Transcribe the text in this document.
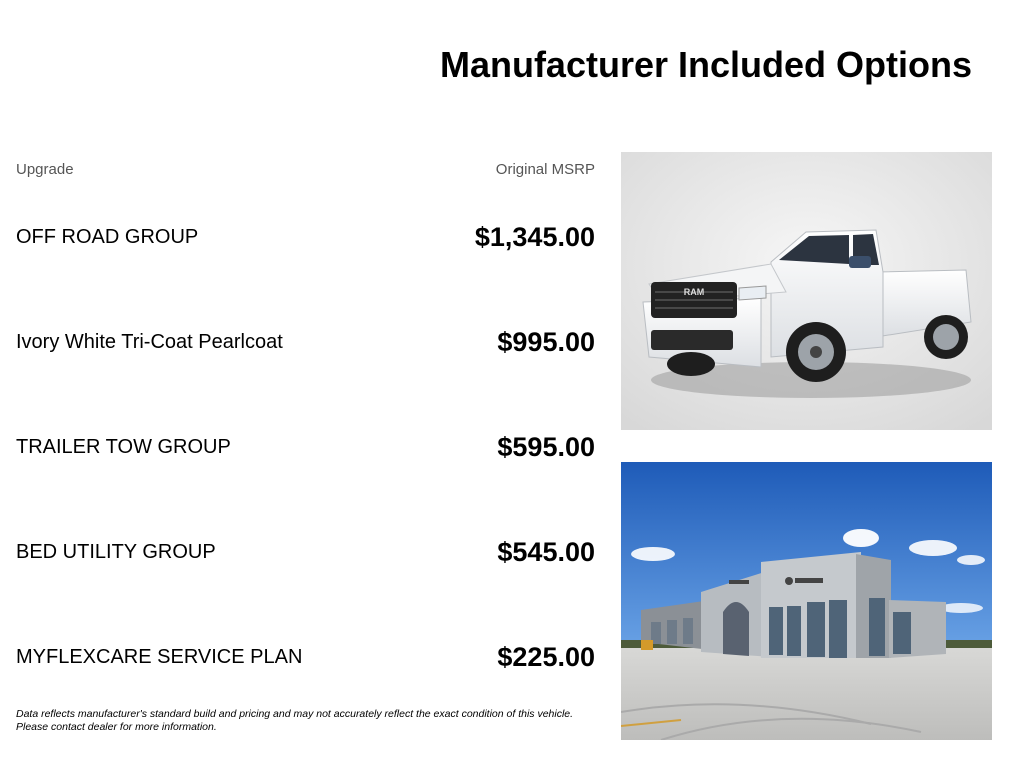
Manufacturer Included Options
Upgrade	Original MSRP
OFF ROAD GROUP	$1,345.00
Ivory White Tri-Coat Pearlcoat	$995.00
TRAILER TOW GROUP	$595.00
BED UTILITY GROUP	$545.00
MYFLEXCARE SERVICE PLAN	$225.00
Data reflects manufacturer's standard build and pricing and may not accurately reflect the exact condition of this vehicle.
Please contact dealer for more information.
RAM
